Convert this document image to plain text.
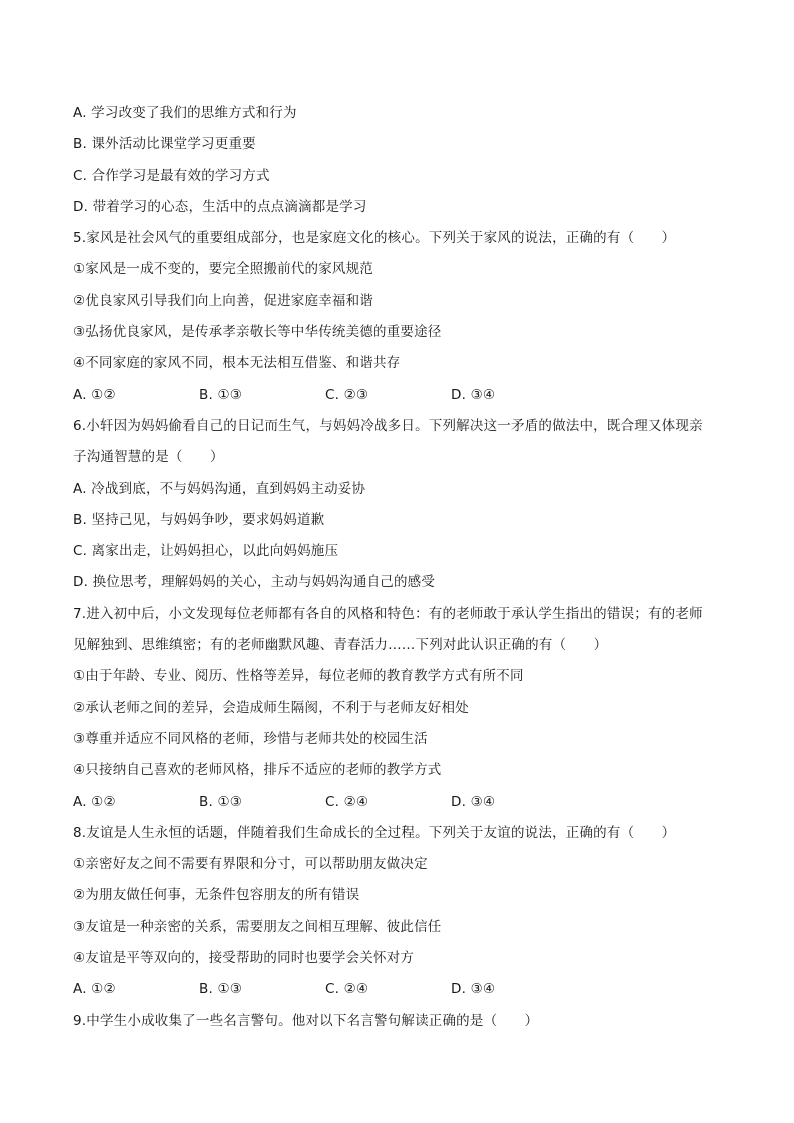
A. 学习改变了我们的思维方式和行为
B. 课外活动比课堂学习更重要
C. 合作学习是最有效的学习方式
D. 带着学习的心态，生活中的点点滴滴都是学习
5.家风是社会风气的重要组成部分，也是家庭文化的核心。下列关于家风的说法，正确的有（　　）
①家风是一成不变的，要完全照搬前代的家风规范
②优良家风引导我们向上向善，促进家庭幸福和谐
③弘扬优良家风，是传承孝亲敬长等中华传统美德的重要途径
④不同家庭的家风不同，根本无法相互借鉴、和谐共存
A. ①②	B. ①③	C. ②③	D. ③④
6.小轩因为妈妈偷看自己的日记而生气，与妈妈冷战多日。下列解决这一矛盾的做法中，既合理又体现亲
子沟通智慧的是（　　）
A. 冷战到底，不与妈妈沟通，直到妈妈主动妥协
B. 坚持己见，与妈妈争吵，要求妈妈道歉
C. 离家出走，让妈妈担心，以此向妈妈施压
D. 换位思考，理解妈妈的关心，主动与妈妈沟通自己的感受
7.进入初中后，小文发现每位老师都有各自的风格和特色：有的老师敢于承认学生指出的错误；有的老师
见解独到、思维缜密；有的老师幽默风趣、青春活力……下列对此认识正确的有（　　）
①由于年龄、专业、阅历、性格等差异，每位老师的教育教学方式有所不同
②承认老师之间的差异，会造成师生隔阂，不利于与老师友好相处
③尊重并适应不同风格的老师，珍惜与老师共处的校园生活
④只接纳自己喜欢的老师风格，排斥不适应的老师的教学方式
A. ①②	B. ①③	C. ②④	D. ③④
8.友谊是人生永恒的话题，伴随着我们生命成长的全过程。下列关于友谊的说法，正确的有（　　）
①亲密好友之间不需要有界限和分寸，可以帮助朋友做决定
②为朋友做任何事，无条件包容朋友的所有错误
③友谊是一种亲密的关系，需要朋友之间相互理解、彼此信任
④友谊是平等双向的，接受帮助的同时也要学会关怀对方
A. ①②	B. ①③	C. ②④	D. ③④
9.中学生小成收集了一些名言警句。他对以下名言警句解读正确的是（　　）
